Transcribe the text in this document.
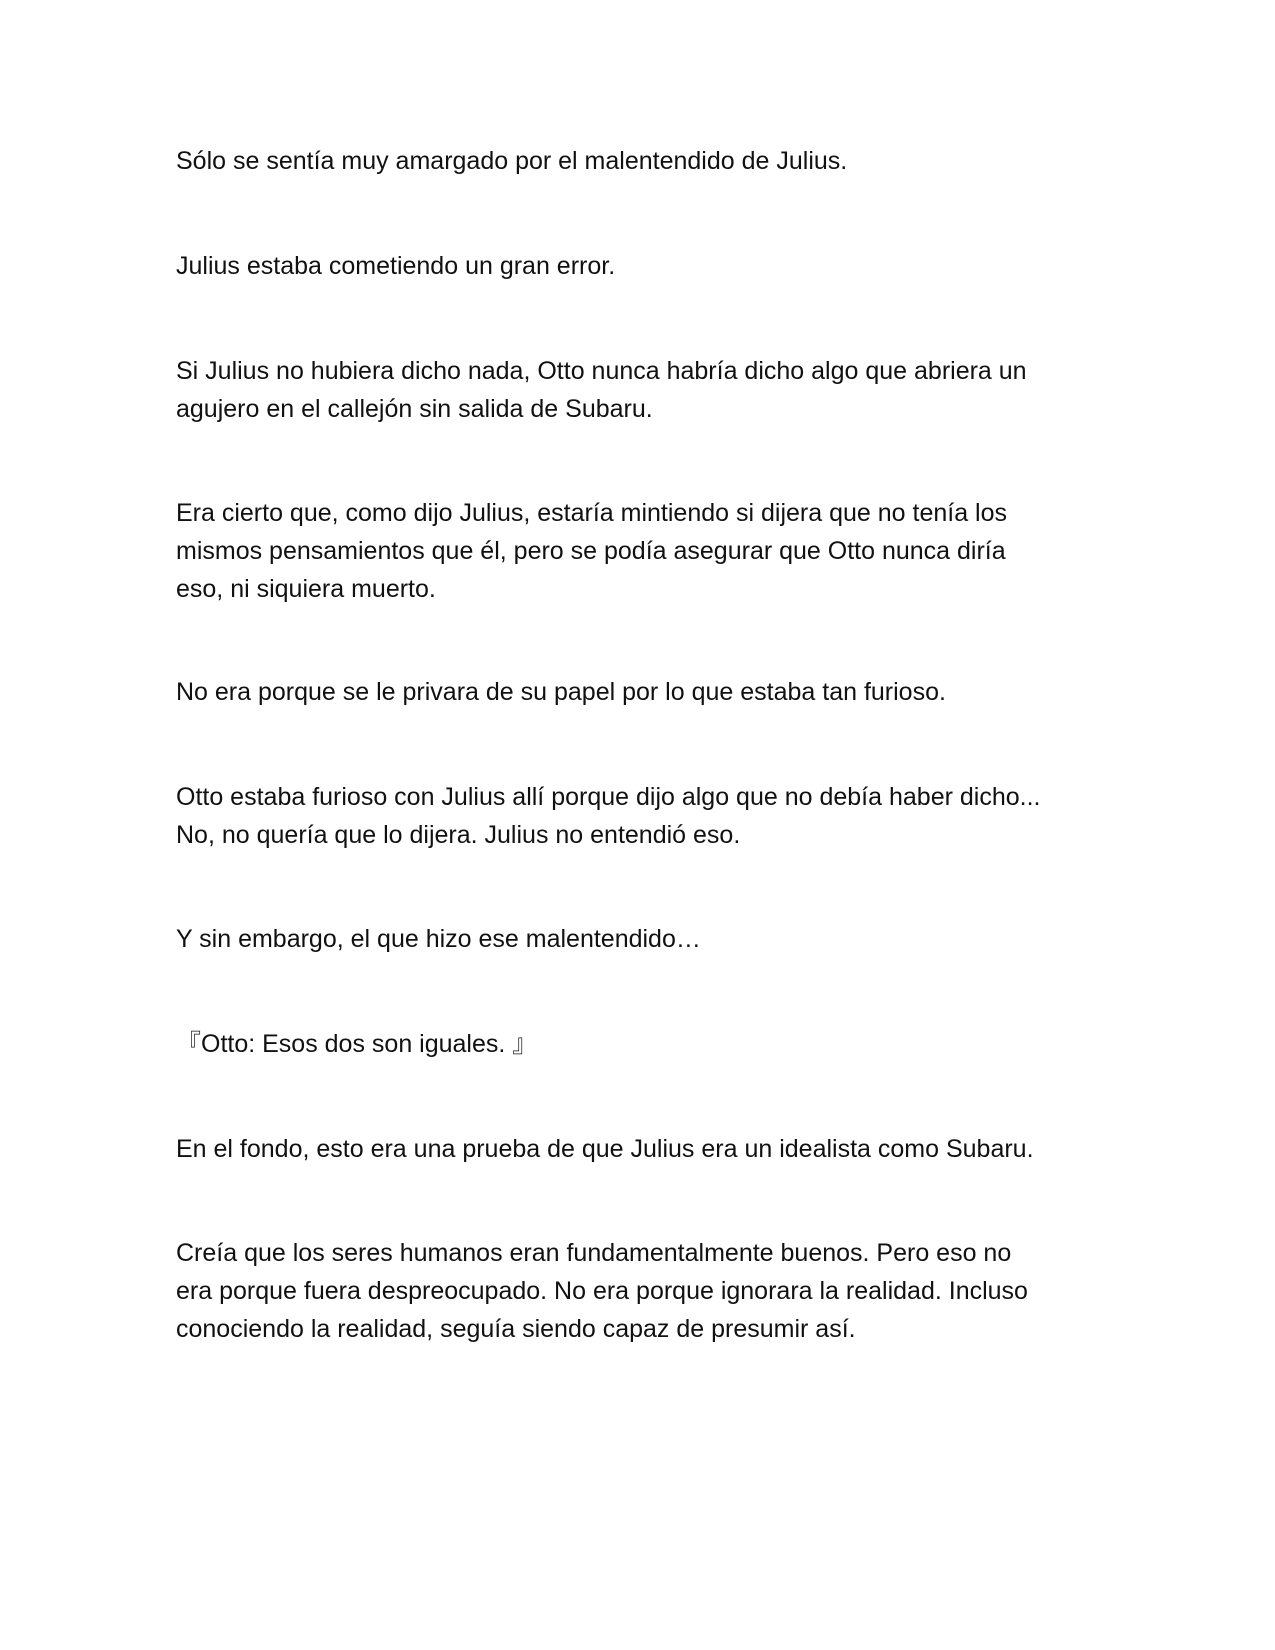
Sólo se sentía muy amargado por el malentendido de Julius.

Julius estaba cometiendo un gran error.

Si Julius no hubiera dicho nada, Otto nunca habría dicho algo que abriera un
agujero en el callejón sin salida de Subaru.

Era cierto que, como dijo Julius, estaría mintiendo si dijera que no tenía los
mismos pensamientos que él, pero se podía asegurar que Otto nunca diría
eso, ni siquiera muerto.

No era porque se le privara de su papel por lo que estaba tan furioso.

Otto estaba furioso con Julius allí porque dijo algo que no debía haber dicho...
No, no quería que lo dijera. Julius no entendió eso.

Y sin embargo, el que hizo ese malentendido…

『Otto: Esos dos son iguales. 』

En el fondo, esto era una prueba de que Julius era un idealista como Subaru.

Creía que los seres humanos eran fundamentalmente buenos. Pero eso no
era porque fuera despreocupado. No era porque ignorara la realidad. Incluso
conociendo la realidad, seguía siendo capaz de presumir así.
